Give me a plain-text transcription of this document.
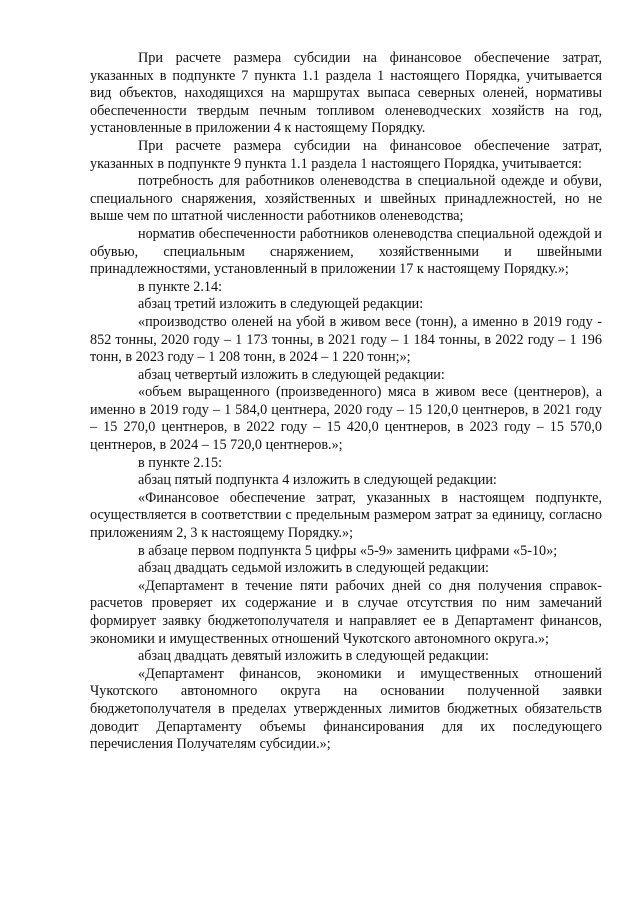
При расчете размера субсидии на финансовое обеспечение затрат, указанных в подпункте 7 пункта 1.1 раздела 1 настоящего Порядка, учитывается вид объектов, находящихся на маршрутах выпаса северных оленей, нормативы обеспеченности твердым печным топливом оленеводческих хозяйств на год, установленные в приложении 4 к настоящему Порядку.

При расчете размера субсидии на финансовое обеспечение затрат, указанных в подпункте 9 пункта 1.1 раздела 1 настоящего Порядка, учитывается:

потребность для работников оленеводства в специальной одежде и обуви, специального снаряжения, хозяйственных и швейных принадлежностей, но не выше чем по штатной численности работников оленеводства;

норматив обеспеченности работников оленеводства специальной одеждой и обувью, специальным снаряжением, хозяйственными и швейными принадлежностями, установленный в приложении 17 к настоящему Порядку.»;

в пункте 2.14:

абзац третий изложить в следующей редакции:

«производство оленей на убой в живом весе (тонн), а именно в 2019 году - 852 тонны, 2020 году – 1 173 тонны, в 2021 году – 1 184 тонны, в 2022 году – 1 196 тонн, в 2023 году – 1 208 тонн, в 2024 – 1 220 тонн;»;

абзац четвертый изложить в следующей редакции:

«объем выращенного (произведенного) мяса в живом весе (центнеров), а именно в 2019 году – 1 584,0 центнера, 2020 году – 15 120,0 центнеров, в 2021 году – 15 270,0 центнеров, в 2022 году – 15 420,0 центнеров, в 2023 году – 15 570,0 центнеров, в 2024 – 15 720,0 центнеров.»;

в пункте 2.15:

абзац пятый подпункта 4 изложить в следующей редакции:

«Финансовое обеспечение затрат, указанных в настоящем подпункте, осуществляется в соответствии с предельным размером затрат за единицу, согласно приложениям 2, 3 к настоящему Порядку.»;

в абзаце первом подпункта 5 цифры «5-9» заменить цифрами «5-10»;

абзац двадцать седьмой изложить в следующей редакции:

«Департамент в течение пяти рабочих дней со дня получения справок-расчетов проверяет их содержание и в случае отсутствия по ним замечаний формирует заявку бюджетополучателя и направляет ее в Департамент финансов, экономики и имущественных отношений Чукотского автономного округа.»;

абзац двадцать девятый изложить в следующей редакции:

«Департамент финансов, экономики и имущественных отношений Чукотского автономного округа на основании полученной заявки бюджетополучателя в пределах утвержденных лимитов бюджетных обязательств доводит Департаменту объемы финансирования для их последующего перечисления Получателям субсидии.»;
